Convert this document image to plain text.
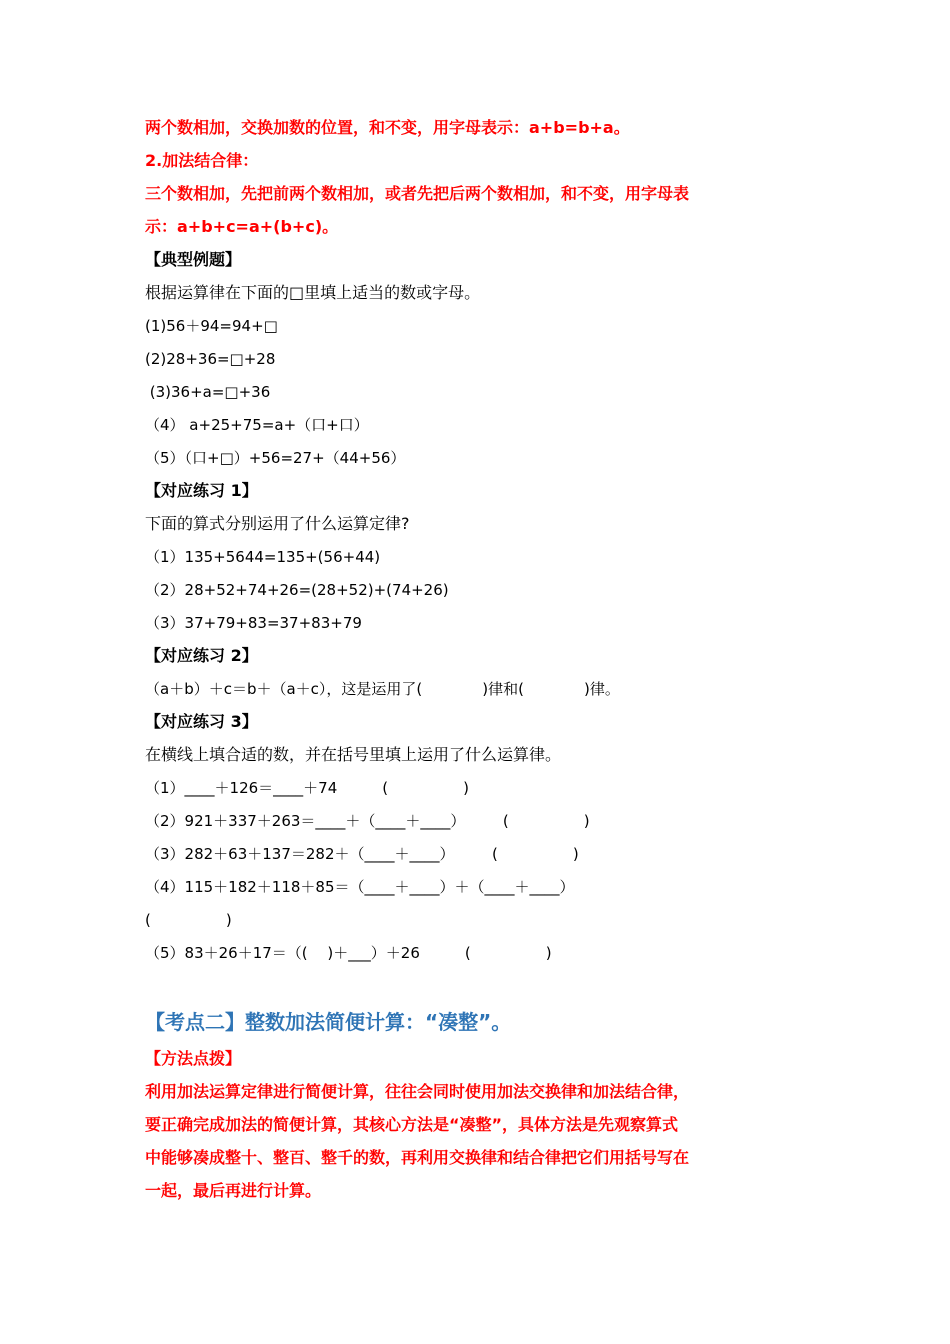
两个数相加，交换加数的位置，和不变，用字母表示：a+b=b+a。
2.加法结合律：
三个数相加，先把前两个数相加，或者先把后两个数相加，和不变，用字母表
示：a+b+c=a+(b+c)。
【典型例题】
根据运算律在下面的□里填上适当的数或字母。
(1)56＋94=94+□
(2)28+36=□+28
(3)36+a=□+36
（4） a+25+75=a+（口+口）
（5）（口+□）+56=27+（44+56）
【对应练习 1】
下面的算式分别运用了什么运算定律?
（1）135+5644=135+(56+44)
（2）28+52+74+26=(28+52)+(74+26)
（3）37+79+83=37+83+79
【对应练习 2】
（a＋b）＋c＝b＋（a＋c），这是运用了(　　　　)律和(　　　　)律。
【对应练习 3】
在横线上填合适的数，并在括号里填上运用了什么运算律。
（1）____＋126＝____＋74　　　(　　　　　)
（2）921＋337＋263＝____＋（____＋____）　　　(　　　　　)
（3）282＋63＋137＝282＋（____＋____）　　　(　　　　　)
（4）115＋182＋118＋85＝（____＋____）＋（____＋____）
(　　　　　)
（5）83＋26＋17＝（(　 )＋___）＋26　　　(　　　　　)
【考点二】整数加法简便计算：“凑整”。
【方法点拨】
利用加法运算定律进行简便计算，往往会同时使用加法交换律和加法结合律，
要正确完成加法的简便计算，其核心方法是“凑整”，具体方法是先观察算式
中能够凑成整十、整百、整千的数，再利用交换律和结合律把它们用括号写在
一起，最后再进行计算。
